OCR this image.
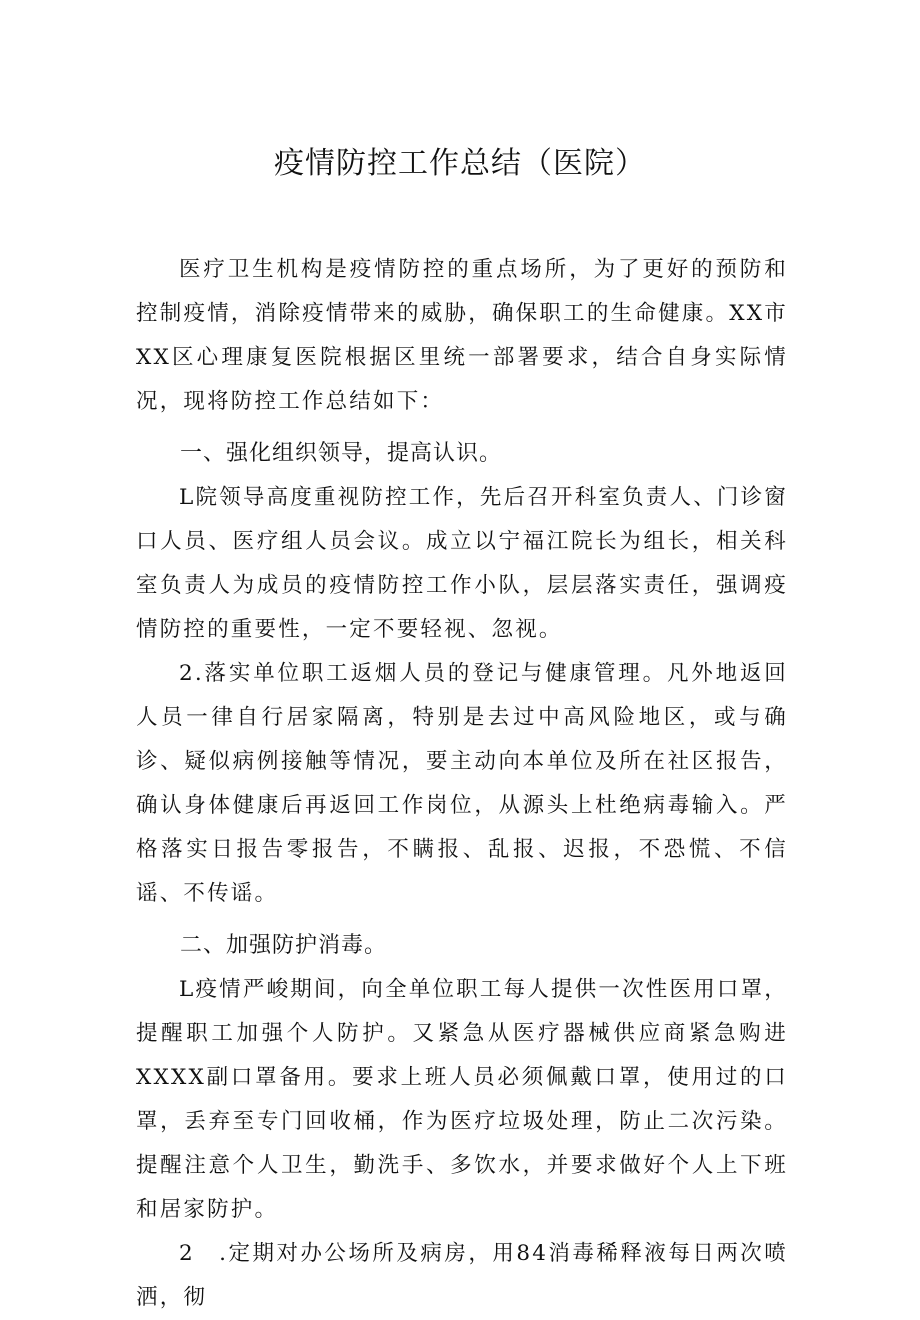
疫情防控工作总结（医院）

医疗卫生机构是疫情防控的重点场所，为了更好的预防和控制疫情，消除疫情带来的威胁，确保职工的生命健康。XX市XX区心理康复医院根据区里统一部署要求，结合自身实际情况，现将防控工作总结如下：

一、强化组织领导，提高认识。

L院领导高度重视防控工作，先后召开科室负责人、门诊窗口人员、医疗组人员会议。成立以宁福江院长为组长，相关科室负责人为成员的疫情防控工作小队，层层落实责任，强调疫情防控的重要性，一定不要轻视、忽视。

2.落实单位职工返烟人员的登记与健康管理。凡外地返回人员一律自行居家隔离，特别是去过中高风险地区，或与确诊、疑似病例接触等情况，要主动向本单位及所在社区报告，确认身体健康后再返回工作岗位，从源头上杜绝病毒输入。严格落实日报告零报告，不瞒报、乱报、迟报，不恐慌、不信谣、不传谣。

二、加强防护消毒。

L疫情严峻期间，向全单位职工每人提供一次性医用口罩，提醒职工加强个人防护。又紧急从医疗器械供应商紧急购进XXXX副口罩备用。要求上班人员必须佩戴口罩，使用过的口罩，丢弃至专门回收桶，作为医疗垃圾处理，防止二次污染。提醒注意个人卫生，勤洗手、多饮水，并要求做好个人上下班和居家防护。

2　.定期对办公场所及病房，用84消毒稀释液每日两次喷洒，彻
